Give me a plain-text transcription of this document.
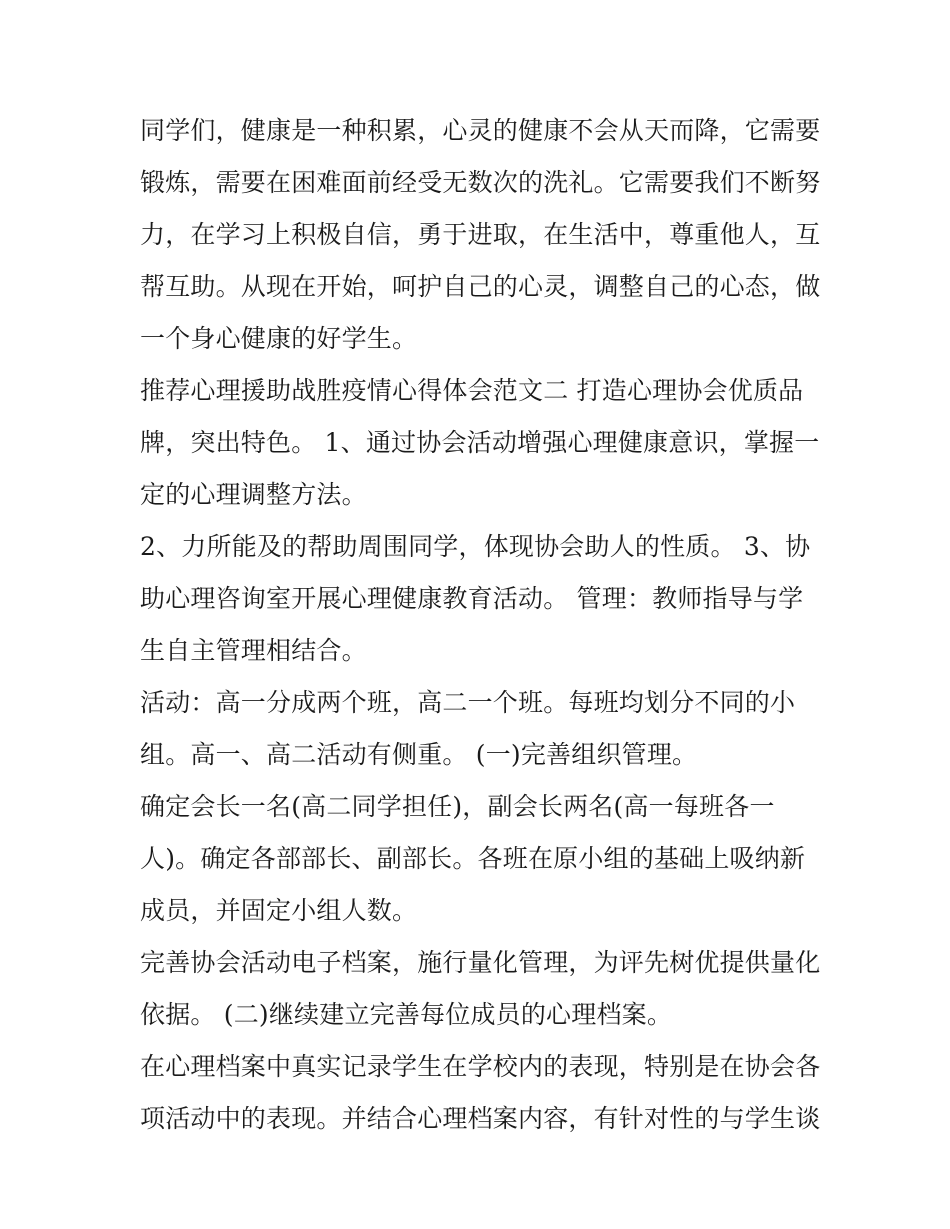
同学们，健康是一种积累，心灵的健康不会从天而降，它需要
锻炼，需要在困难面前经受无数次的洗礼。它需要我们不断努
力，在学习上积极自信，勇于进取，在生活中，尊重他人，互
帮互助。从现在开始，呵护自己的心灵，调整自己的心态，做
一个身心健康的好学生。
推荐心理援助战胜疫情心得体会范文二 打造心理协会优质品
牌，突出特色。 1、通过协会活动增强心理健康意识，掌握一
定的心理调整方法。
2、力所能及的帮助周围同学，体现协会助人的性质。 3、协
助心理咨询室开展心理健康教育活动。 管理：教师指导与学
生自主管理相结合。
活动：高一分成两个班，高二一个班。每班均划分不同的小
组。高一、高二活动有侧重。 (一)完善组织管理。
确定会长一名(高二同学担任)，副会长两名(高一每班各一
人)。确定各部部长、副部长。各班在原小组的基础上吸纳新
成员，并固定小组人数。
完善协会活动电子档案，施行量化管理，为评先树优提供量化
依据。 (二)继续建立完善每位成员的心理档案。
在心理档案中真实记录学生在学校内的表现，特别是在协会各
项活动中的表现。并结合心理档案内容，有针对性的与学生谈
